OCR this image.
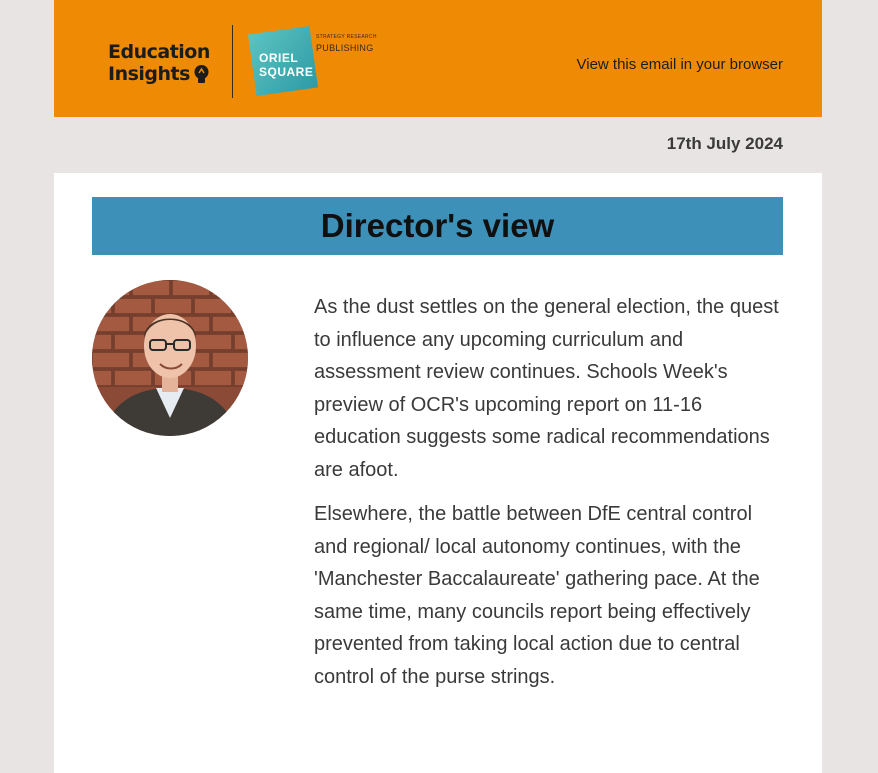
Education
Insights
ORIEL
SQUARE
STRATEGY RESEARCH
PUBLISHING
View this email in your browser
17th July 2024
Director's view

As the dust settles on the general election, the quest to influence any upcoming curriculum and assessment review continues. Schools Week's preview of OCR's upcoming report on 11-16 education suggests some radical recommendations are afoot.

Elsewhere, the battle between DfE central control and regional/ local autonomy continues, with the 'Manchester Baccalaureate' gathering pace. At the same time, many councils report being effectively prevented from taking local action due to central control of the purse strings.
